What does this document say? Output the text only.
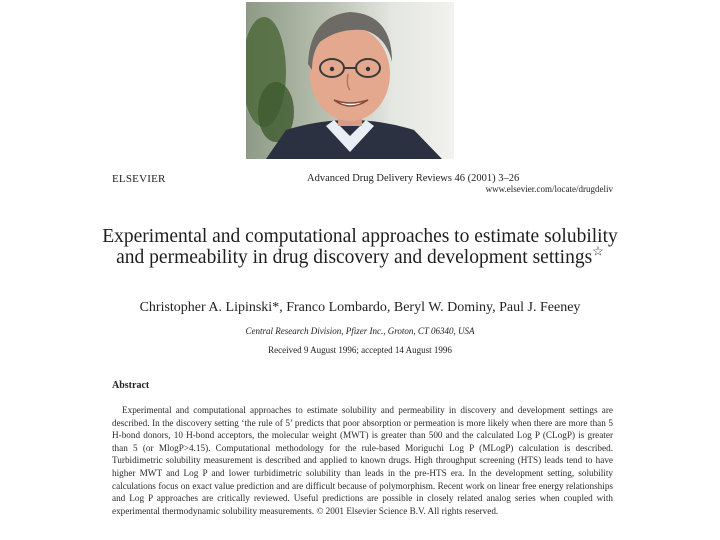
ELSEVIER	Advanced Drug Delivery Reviews 46 (2001) 3–26
www.elsevier.com/locate/drugdeliv
Experimental and computational approaches to estimate solubility and permeability in drug discovery and development settings☆
Christopher A. Lipinski*, Franco Lombardo, Beryl W. Dominy, Paul J. Feeney
Central Research Division, Pfizer Inc., Groton, CT 06340, USA
Received 9 August 1996; accepted 14 August 1996
Abstract

Experimental and computational approaches to estimate solubility and permeability in discovery and development settings are described. In the discovery setting ‘the rule of 5’ predicts that poor absorption or permeation is more likely when there are more than 5 H-bond donors, 10 H-bond acceptors, the molecular weight (MWT) is greater than 500 and the calculated Log P (CLogP) is greater than 5 (or MlogP>4.15). Computational methodology for the rule-based Moriguchi Log P (MLogP) calculation is described. Turbidimetric solubility measurement is described and applied to known drugs. High throughput screening (HTS) leads tend to have higher MWT and Log P and lower turbidimetric solubility than leads in the pre-HTS era. In the development setting, solubility calculations focus on exact value prediction and are difficult because of polymorphism. Recent work on linear free energy relationships and Log P approaches are critically reviewed. Useful predictions are possible in closely related analog series when coupled with experimental thermodynamic solubility measurements. © 2001 Elsevier Science B.V. All rights reserved.
